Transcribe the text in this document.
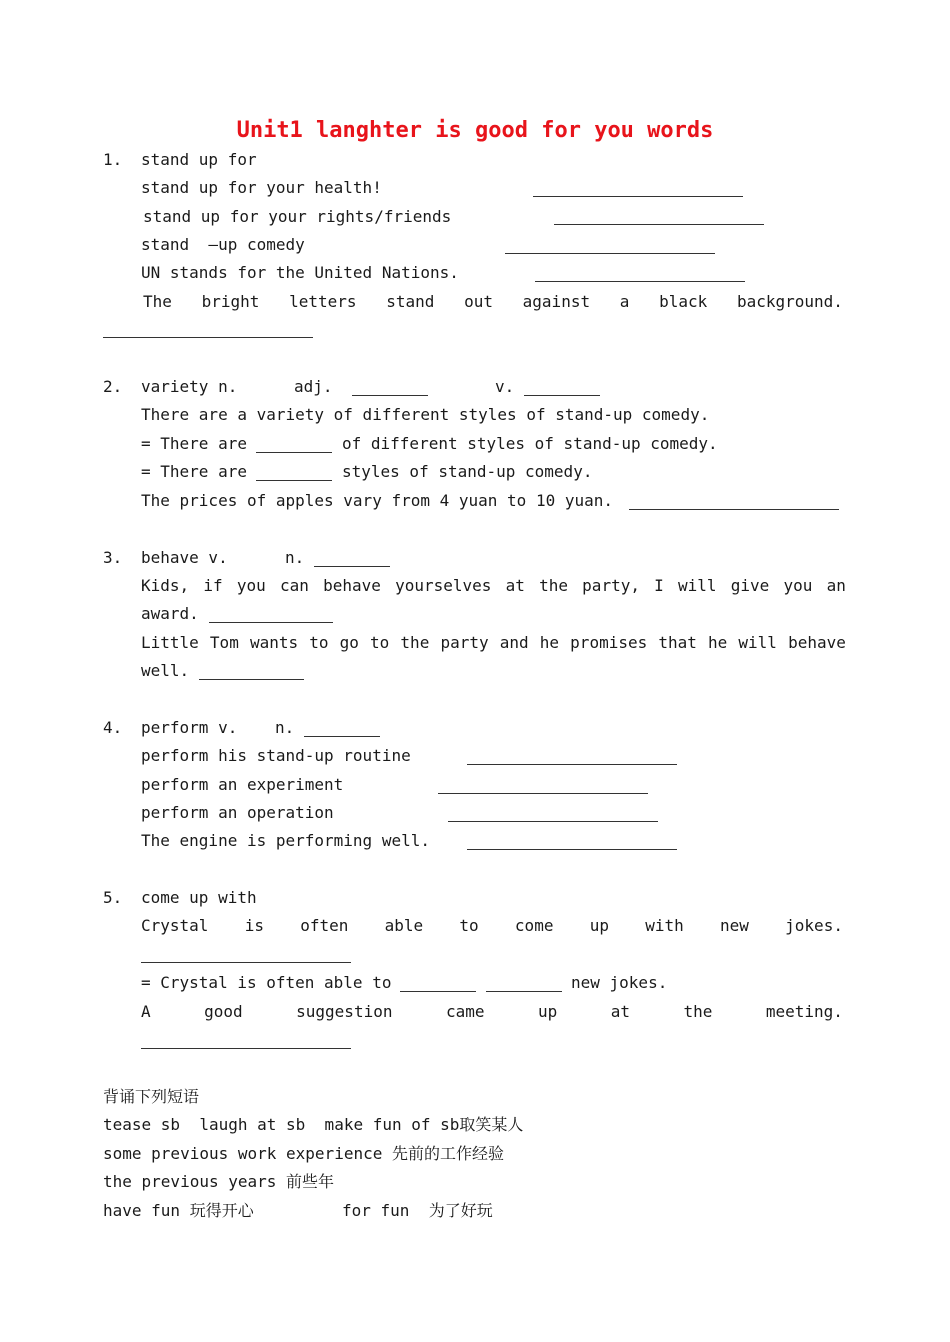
Unit1 langhter is good for you words
1. stand up for
stand up for your health!
stand up for your rights/friends
stand  –up comedy
UN stands for the United Nations.
The bright letters stand out against a black background.
2. variety n.	adj.	v.
There are a variety of different styles of stand-up comedy.
= There are	of different styles of stand-up comedy.
= There are	styles of stand-up comedy.
The prices of apples vary from 4 yuan to 10 yuan.
3. behave v.	n.
Kids, if you can behave yourselves at the party, I will give you an
award.
Little Tom wants to go to the party and he promises that he will behave
well.
4. perform v. n.
perform his stand-up routine
perform an experiment
perform an operation
The engine is performing well.
5. come up with
Crystal is often able to come up with new jokes.
= Crystal is often able to	new jokes.
A	good	suggestion	came	up	at	the	meeting.
背诵下列短语
tease sb  laugh at sb  make fun of sb取笑某人
some previous work experience 先前的工作经验
the previous years 前些年
have fun 玩得开心	for fun  为了好玩
